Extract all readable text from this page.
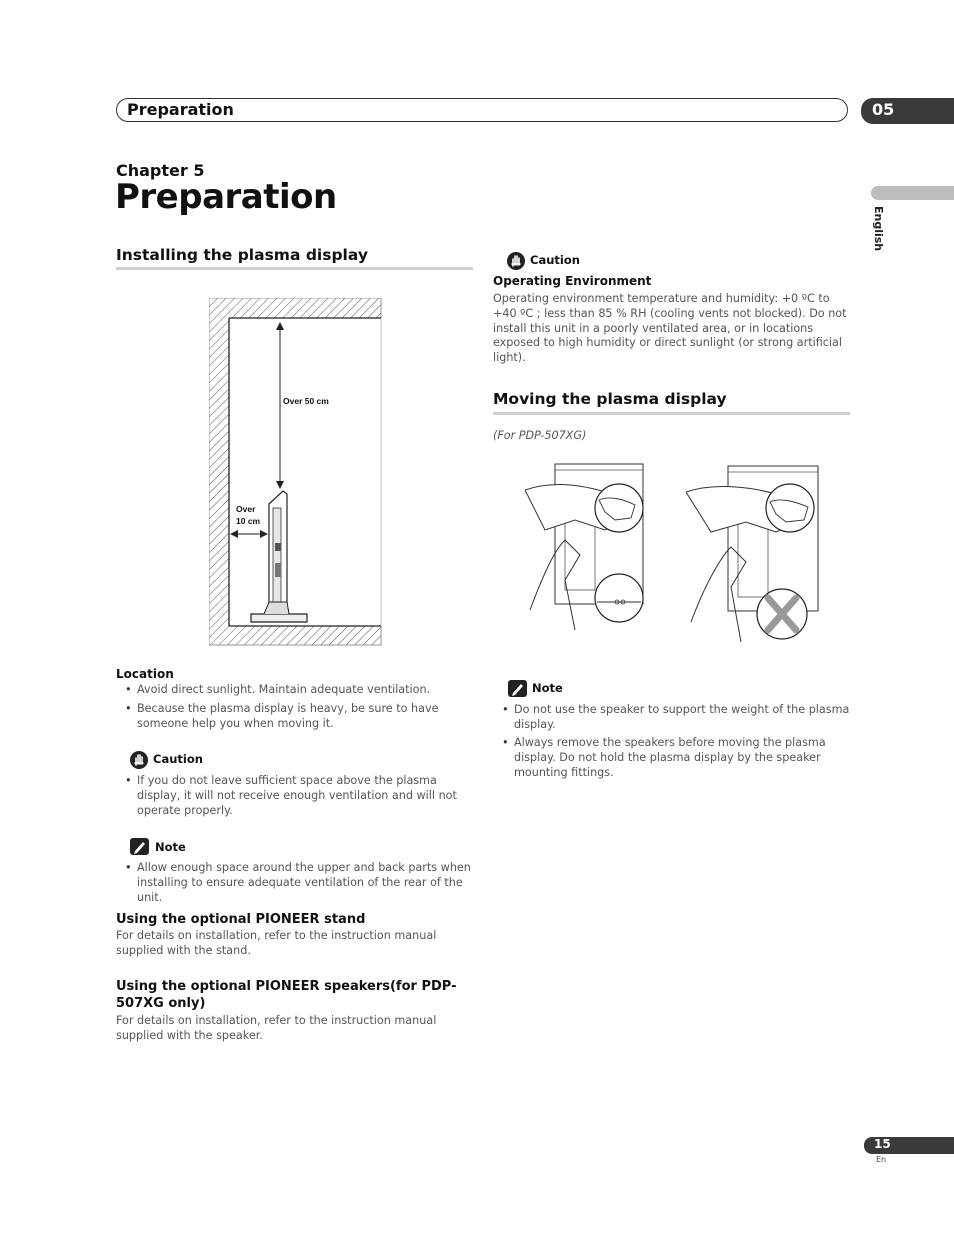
Preparation	05
Chapter 5
Preparation
English
Installing the plasma display
Over 50 cm
Over
10 cm
Location
• Avoid direct sunlight. Maintain adequate ventilation.
• Because the plasma display is heavy, be sure to have someone help you when moving it.
Caution
• If you do not leave sufficient space above the plasma display, it will not receive enough ventilation and will not operate properly.
Note
• Allow enough space around the upper and back parts when installing to ensure adequate ventilation of the rear of the unit.
Using the optional PIONEER stand
For details on installation, refer to the instruction manual supplied with the stand.
Using the optional PIONEER speakers(for PDP-507XG only)
For details on installation, refer to the instruction manual supplied with the speaker.
Caution
Operating Environment
Operating environment temperature and humidity: +0 ºC to +40 ºC ; less than 85 % RH (cooling vents not blocked). Do not install this unit in a poorly ventilated area, or in locations exposed to high humidity or direct sunlight (or strong artificial light).
Moving the plasma display
(For PDP-507XG)
Note
• Do not use the speaker to support the weight of the plasma display.
• Always remove the speakers before moving the plasma display. Do not hold the plasma display by the speaker mounting fittings.
15
En
